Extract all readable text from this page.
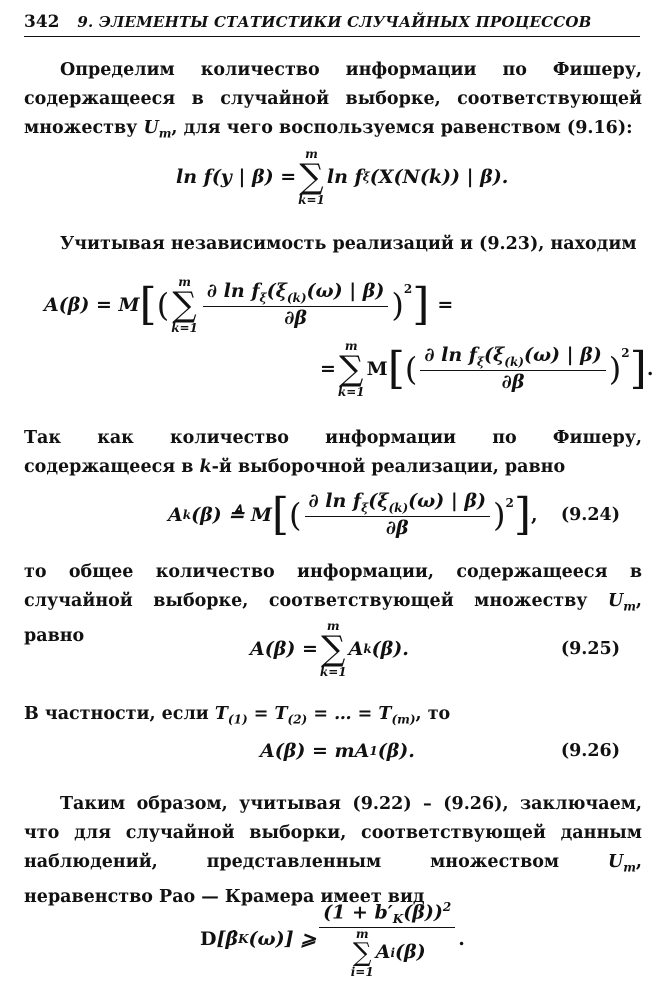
342 9. ЭЛЕМЕНТЫ СТАТИСТИКИ СЛУЧАЙНЫХ ПРОЦЕССОВ
Определим количество информации по Фишеру, содержащееся в случайной выборке, соответствующей множеству $U_m$, для чего воспользуемся равенством (9.16):
ln f(y | β) =
m
∑
k=1
ln f ξ (X(N(k)) | β).
Учитывая независимость реализаций и (9.23), находим
A(β) = M [ (
m
∑
$k=1 \frac{\partial \ln f_\xi(\xi_{(k)}(\omega) | \beta)}{\partial\beta} )^2$ ] =
=
m
∑
k=1
M [ ( $\frac{\partial \ln f_\xi(\xi_{(k)}(\omega) | \beta)}{\partial\beta} )^2$ ] .
Так как количество информации по Фишеру, содержащееся в k-й выборочной реализации, равно
A k (β) ≜ M [ ( $\frac{\partial \ln f_\xi(\xi_{(k)}(\omega) | \beta)}{\partial\beta} )^2$ ] , (9.24)
то общее количество информации, содержащееся в случайной выборке, соответствующей множеству $U_m$, равно
A(β) =
m
∑
k=1
A k (β).	(9.25)
В частности, если $T_{(1)} = T_{(2)}$ = … = $T_{(m)}$, то
A(β) = mA 1 (β).	(9.26)
Таким образом, учитывая (9.22) – (9.26), заключаем, что для случайной выборки, соответствующей данным наблюдений, представленным множеством	$U_m$, неравенство Рао — Крамера имеет вид
D [β̂ K (ω)] ⩾ $(1 + b'_K(\beta))^2$
m
∑
i=1
A i (β) .
